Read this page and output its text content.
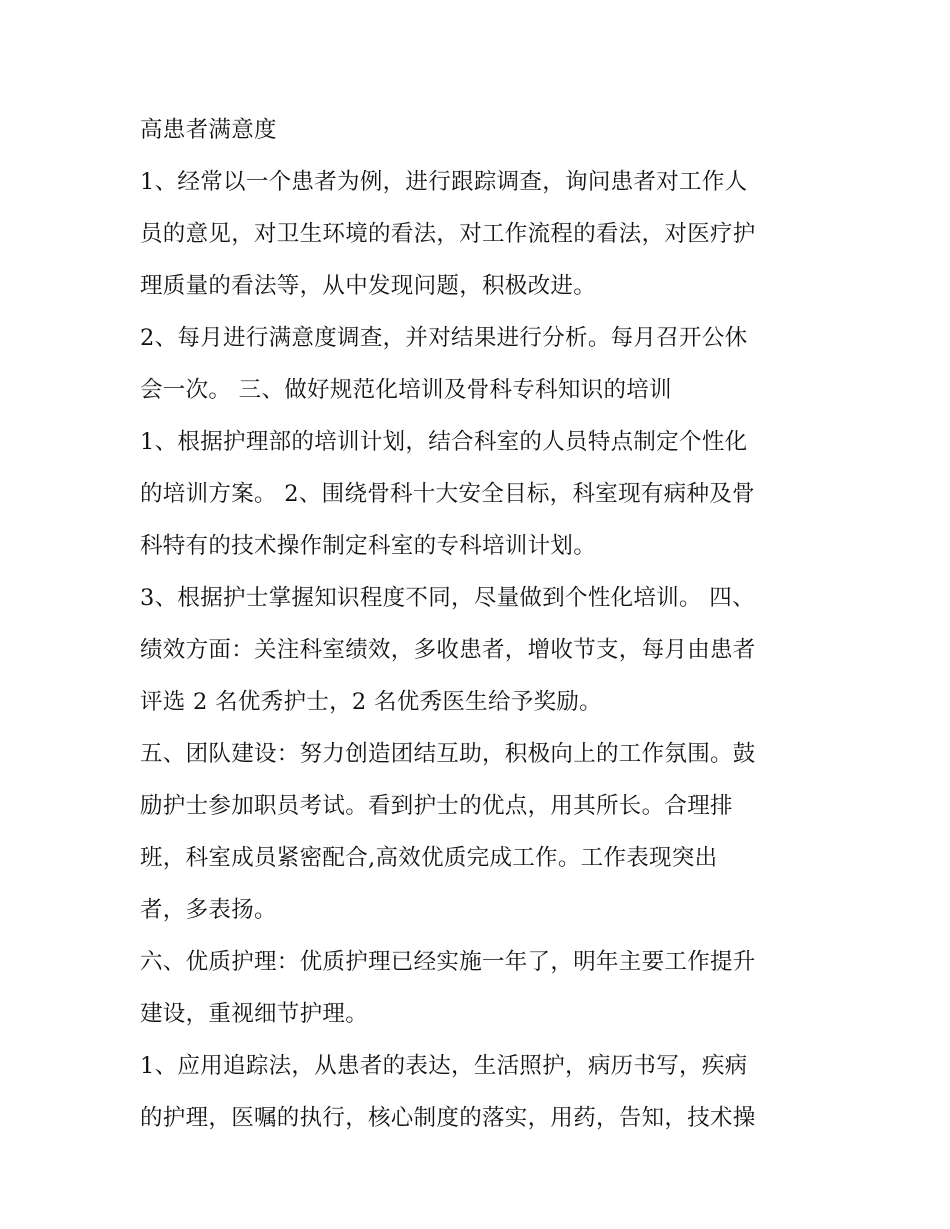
高患者满意度
1、经常以一个患者为例，进行跟踪调查，询问患者对工作人
员的意见，对卫生环境的看法，对工作流程的看法，对医疗护
理质量的看法等，从中发现问题，积极改进。
2、每月进行满意度调查，并对结果进行分析。每月召开公休
会一次。 三、做好规范化培训及骨科专科知识的培训
1、根据护理部的培训计划，结合科室的人员特点制定个性化
的培训方案。 2、围绕骨科十大安全目标，科室现有病种及骨
科特有的技术操作制定科室的专科培训计划。
3、根据护士掌握知识程度不同，尽量做到个性化培训。 四、
绩效方面：关注科室绩效，多收患者，增收节支，每月由患者
评选 2 名优秀护士，2 名优秀医生给予奖励。
五、团队建设：努力创造团结互助，积极向上的工作氛围。鼓
励护士参加职员考试。看到护士的优点，用其所长。合理排
班，科室成员紧密配合,高效优质完成工作。工作表现突出
者，多表扬。
六、优质护理：优质护理已经实施一年了，明年主要工作提升
建设，重视细节护理。
1、应用追踪法，从患者的表达，生活照护，病历书写，疾病
的护理，医嘱的执行，核心制度的落实，用药，告知，技术操
